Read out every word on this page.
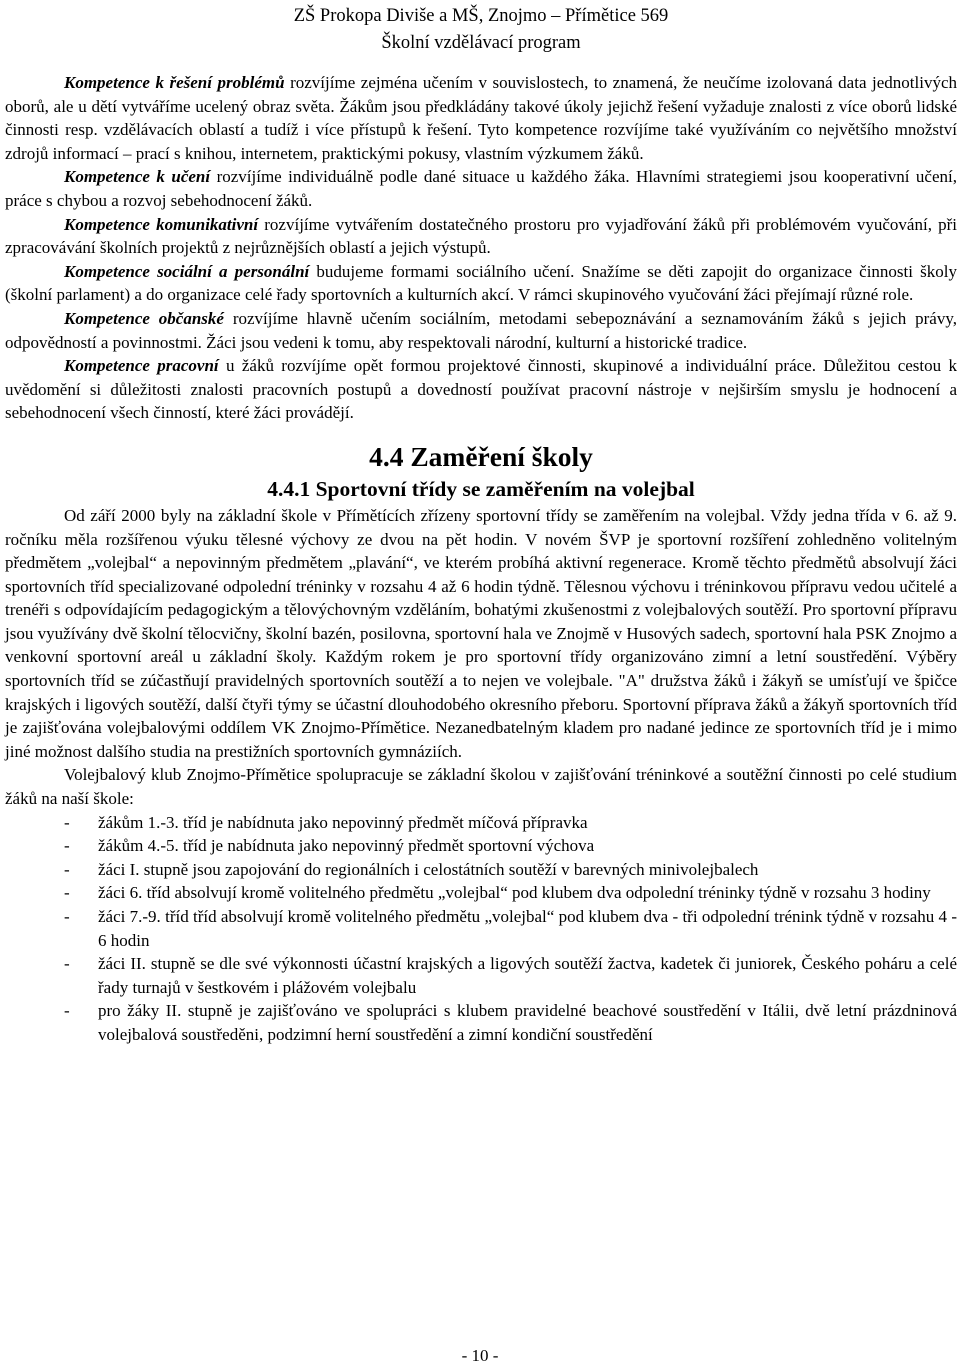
ZŠ Prokopa Diviše a MŠ, Znojmo – Přímětice 569
Školní vzdělávací program

Kompetence k řešení problémů rozvíjíme zejména učením v souvislostech, to znamená, že neučíme izolovaná data jednotlivých oborů, ale u dětí vytváříme ucelený obraz světa. Žákům jsou předkládány takové úkoly jejichž řešení vyžaduje znalosti z více oborů lidské činnosti resp. vzdělávacích oblastí a tudíž i více přístupů k řešení. Tyto kompetence rozvíjíme také využíváním co největšího množství zdrojů informací – prací s knihou, internetem, praktickými pokusy, vlastním výzkumem žáků.

Kompetence k učení rozvíjíme individuálně podle dané situace u každého žáka. Hlavními strategiemi jsou kooperativní učení, práce s chybou a rozvoj sebehodnocení žáků.

Kompetence komunikativní rozvíjíme vytvářením dostatečného prostoru pro vyjadřování žáků při problémovém vyučování, při zpracovávání školních projektů z nejrůznějších oblastí a jejich výstupů.

Kompetence sociální a personální budujeme formami sociálního učení. Snažíme se děti zapojit do organizace činnosti školy (školní parlament) a do organizace celé řady sportovních a kulturních akcí. V rámci skupinového vyučování žáci přejímají různé role.

Kompetence občanské rozvíjíme hlavně učením sociálním, metodami sebepoznávání a seznamováním žáků s jejich právy, odpovědností a povinnostmi. Žáci jsou vedeni k tomu, aby respektovali národní, kulturní a historické tradice.

Kompetence pracovní u žáků rozvíjíme opět formou projektové činnosti, skupinové a individuální práce. Důležitou cestou k uvědomění si důležitosti znalosti pracovních postupů a dovedností používat pracovní nástroje v nejširším smyslu je hodnocení a sebehodnocení všech činností, které žáci provádějí.

4.4 Zaměření školy
4.4.1 Sportovní třídy se zaměřením na volejbal

Od září 2000 byly na základní škole v Přímětících zřízeny sportovní třídy se zaměřením na volejbal. Vždy jedna třída v 6. až 9. ročníku měla rozšířenou výuku tělesné výchovy ze dvou na pět hodin. V novém ŠVP je sportovní rozšíření zohledněno volitelným předmětem „volejbal“ a nepovinným předmětem „plavání“, ve kterém probíhá aktivní regenerace. Kromě těchto předmětů absolvují žáci sportovních tříd specializované odpolední tréninky v rozsahu 4 až 6 hodin týdně. Tělesnou výchovu i tréninkovou přípravu vedou učitelé a trenéři s odpovídajícím pedagogickým a tělovýchovným vzděláním, bohatými zkušenostmi z volejbalových soutěží. Pro sportovní přípravu jsou využívány dvě školní tělocvičny, školní bazén, posilovna, sportovní hala ve Znojmě v Husových sadech, sportovní hala PSK Znojmo a venkovní sportovní areál u základní školy. Každým rokem je pro sportovní třídy organizováno zimní a letní soustředění. Výběry sportovních tříd se zúčastňují pravidelných sportovních soutěží a to nejen ve volejbale. "A" družstva žáků i žákyň se umísťují ve špičce krajských i ligových soutěží, další čtyři týmy se účastní dlouhodobého okresního přeboru. Sportovní příprava žáků a žákyň sportovních tříd je zajišťována volejbalovými oddílem VK Znojmo-Přímětice. Nezanedbatelným kladem pro nadané jedince ze sportovních tříd je i mimo jiné možnost dalšího studia na prestižních sportovních gymnáziích.

Volejbalový klub Znojmo-Přímětice spolupracuje se základní školou v zajišťování tréninkové a soutěžní činnosti po celé studium žáků na naší škole:

- žákům 1.-3. tříd je nabídnuta jako nepovinný předmět míčová přípravka
- žákům 4.-5. tříd je nabídnuta jako nepovinný předmět sportovní výchova
- žáci I. stupně jsou zapojování do regionálních i celostátních soutěží v barevných minivolejbalech
- žáci 6. tříd absolvují kromě volitelného předmětu „volejbal“ pod klubem dva odpolední tréninky týdně v rozsahu 3 hodiny
- žáci 7.-9. tříd tříd absolvují kromě volitelného předmětu „volejbal“ pod klubem dva - tři odpolední trénink týdně v rozsahu 4 - 6 hodin
- žáci II. stupně se dle své výkonnosti účastní krajských a ligových soutěží žactva, kadetek či juniorek, Českého poháru a celé řady turnajů v šestkovém i plážovém volejbalu
- pro žáky II. stupně je zajišťováno ve spolupráci s klubem pravidelné beachové soustředění v Itálii, dvě letní prázdninová volejbalová soustředěni, podzimní herní soustředění a zimní kondiční soustředění
- 10 -
